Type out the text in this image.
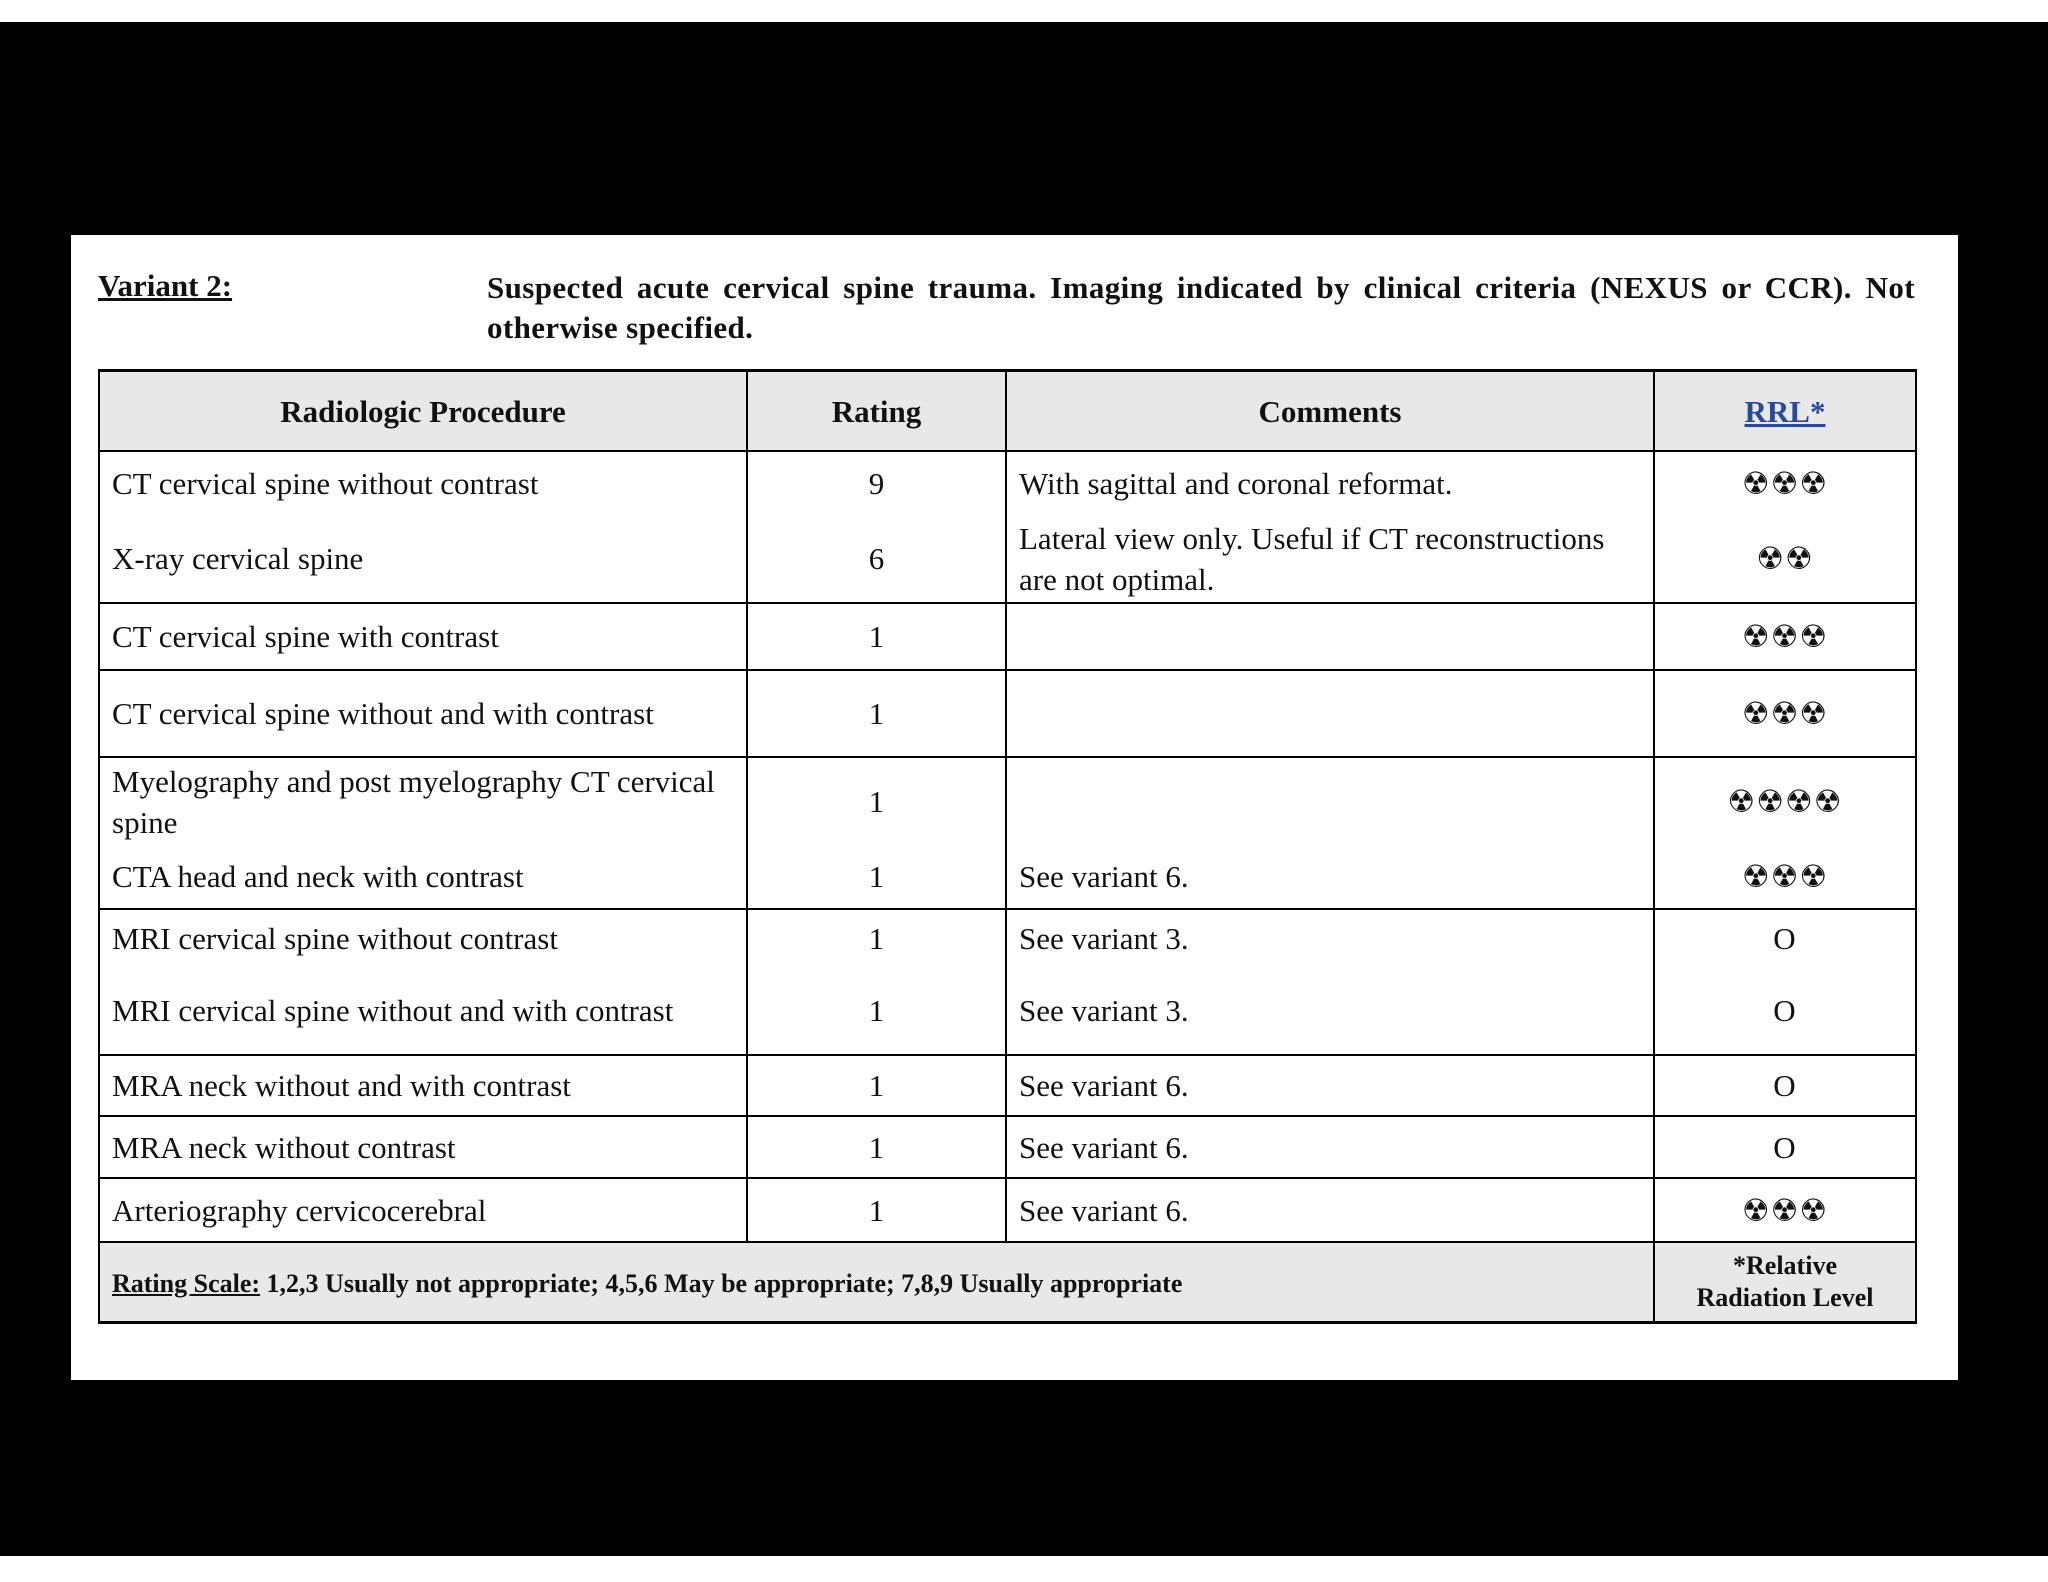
Variant 2:	Suspected acute cervical spine trauma. Imaging indicated by clinical criteria (NEXUS or CCR). Not otherwise specified.
Radiologic Procedure	Rating	Comments	RRL*
CT cervical spine without contrast	9	With sagittal and coronal reformat.	☢☢☢
X-ray cervical spine	6	Lateral view only. Useful if CT reconstructions are not optimal.	☢☢
CT cervical spine with contrast	1		☢☢☢
CT cervical spine without and with contrast	1		☢☢☢
Myelography and post myelography CT cervical spine	1		☢☢☢☢
CTA head and neck with contrast	1	See variant 6.	☢☢☢
MRI cervical spine without contrast	1	See variant 3.	O
MRI cervical spine without and with contrast	1	See variant 3.	O
MRA neck without and with contrast	1	See variant 6.	O
MRA neck without contrast	1	See variant 6.	O
Arteriography cervicocerebral	1	See variant 6.	☢☢☢
Rating Scale: 1,2,3 Usually not appropriate; 4,5,6 May be appropriate; 7,8,9 Usually appropriate			*Relative
Radiation Level
